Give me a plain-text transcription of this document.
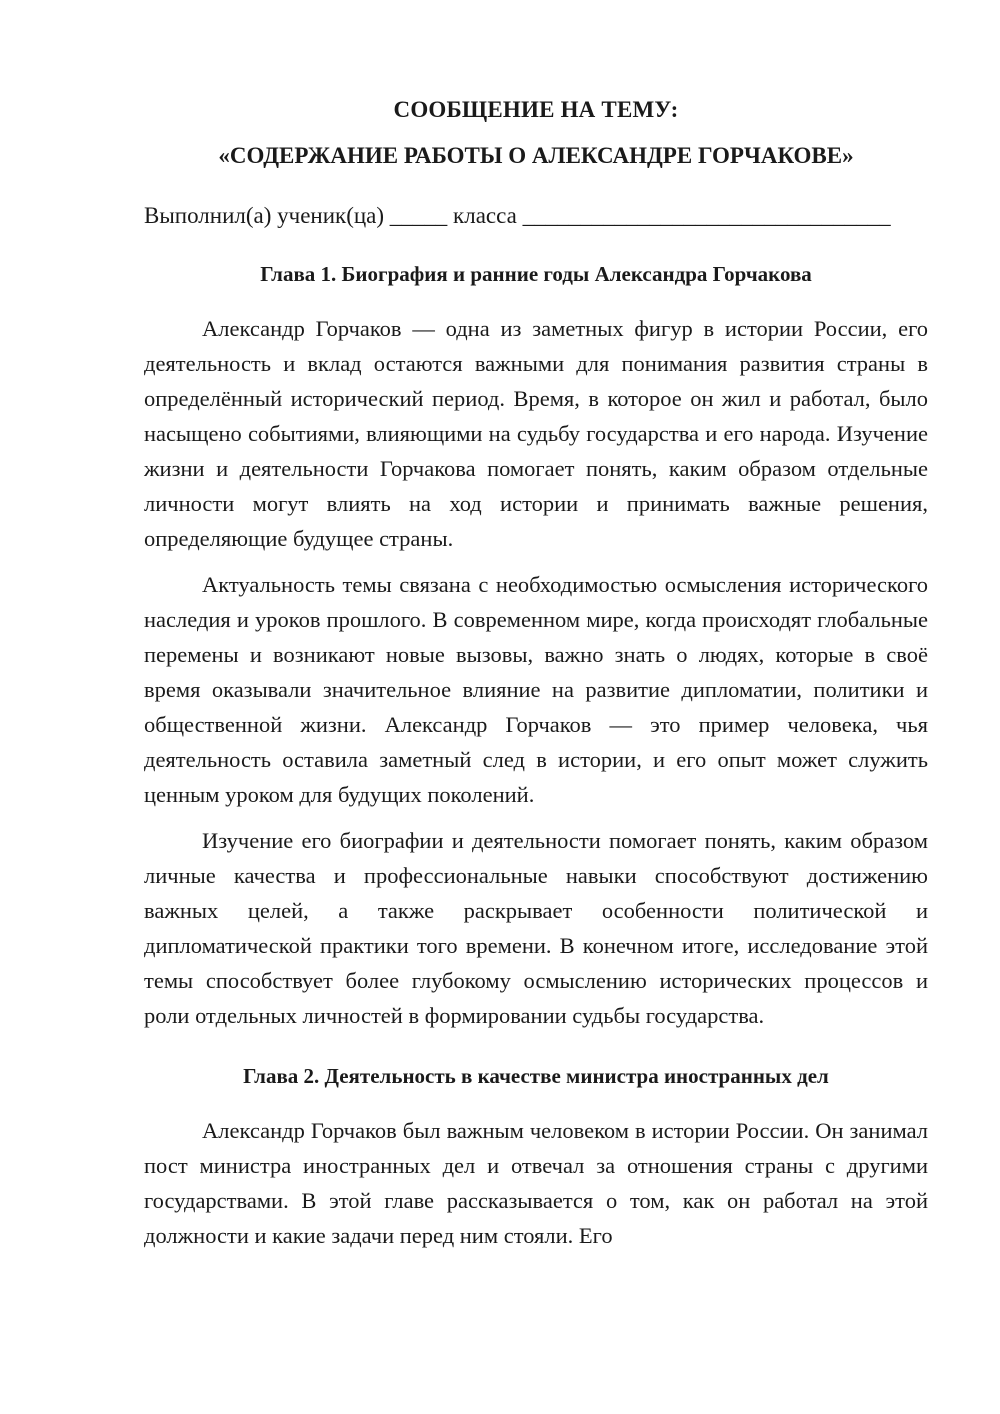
СООБЩЕНИЕ НА ТЕМУ:
«СОДЕРЖАНИЕ РАБОТЫ О АЛЕКСАНДРЕ ГОРЧАКОВЕ»
Выполнил(а) ученик(ца) _____ класса ________________________________
Глава 1. Биография и ранние годы Александра Горчакова

Александр Горчаков — одна из заметных фигур в истории России, его деятельность и вклад остаются важными для понимания развития страны в определённый исторический период. Время, в которое он жил и работал, было насыщено событиями, влияющими на судьбу государства и его народа. Изучение жизни и деятельности Горчакова помогает понять, каким образом отдельные личности могут влиять на ход истории и принимать важные решения, определяющие будущее страны.

Актуальность темы связана с необходимостью осмысления исторического наследия и уроков прошлого. В современном мире, когда происходят глобальные перемены и возникают новые вызовы, важно знать о людях, которые в своё время оказывали значительное влияние на развитие дипломатии, политики и общественной жизни. Александр Горчаков — это пример человека, чья деятельность оставила заметный след в истории, и его опыт может служить ценным уроком для будущих поколений.

Изучение его биографии и деятельности помогает понять, каким образом личные качества и профессиональные навыки способствуют достижению важных целей, а также раскрывает особенности политической и дипломатической практики того времени. В конечном итоге, исследование этой темы способствует более глубокому осмыслению исторических процессов и роли отдельных личностей в формировании судьбы государства.

Глава 2. Деятельность в качестве министра иностранных дел

Александр Горчаков был важным человеком в истории России. Он занимал пост министра иностранных дел и отвечал за отношения страны с другими государствами. В этой главе рассказывается о том, как он работал на этой должности и какие задачи перед ним стояли. Его
